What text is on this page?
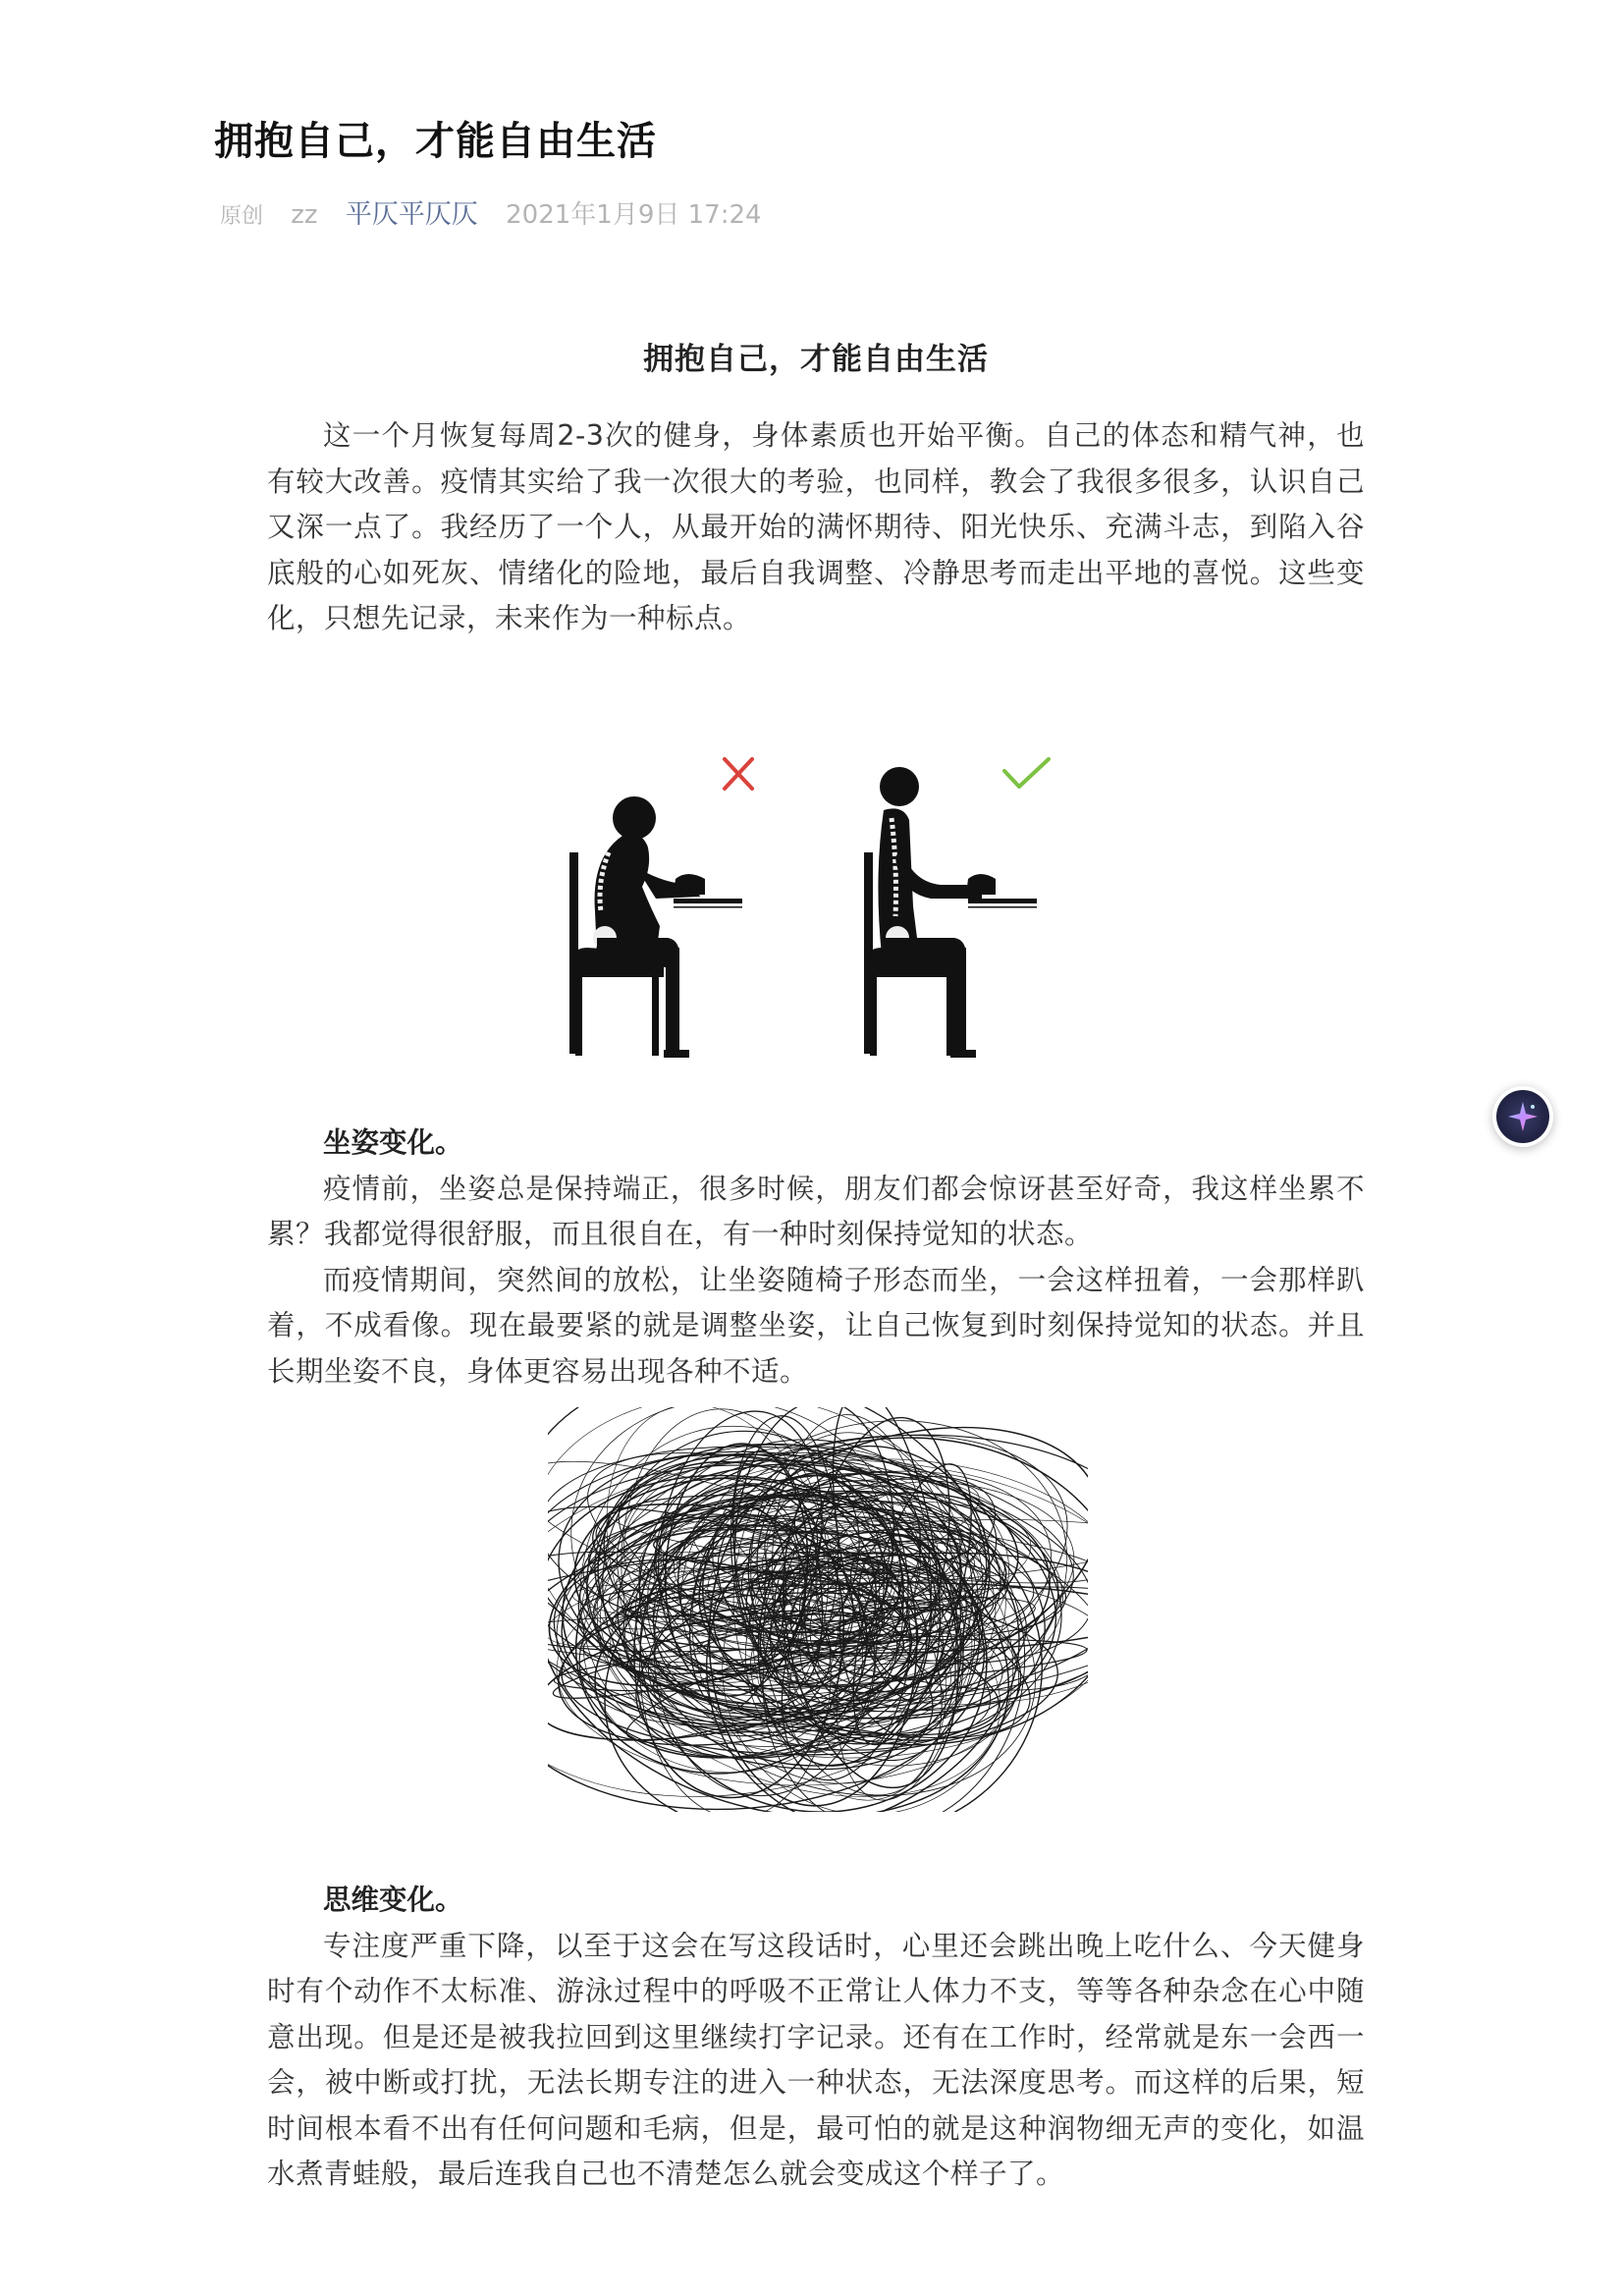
拥抱自己，才能自由生活
原创 zz 平仄平仄仄 2021年1月9日 17:24
拥抱自己，才能自由生活

这一个月恢复每周2-3次的健身，身体素质也开始平衡。自己的体态和精气神，也有较大改善。疫情其实给了我一次很大的考验，也同样，教会了我很多很多，认识自己又深一点了。我经历了一个人，从最开始的满怀期待、阳光快乐、充满斗志，到陷入谷底般的心如死灰、情绪化的险地，最后自我调整、冷静思考而走出平地的喜悦。这些变化，只想先记录，未来作为一种标点。

坐姿变化。

疫情前，坐姿总是保持端正，很多时候，朋友们都会惊讶甚至好奇，我这样坐累不累？我都觉得很舒服，而且很自在，有一种时刻保持觉知的状态。

而疫情期间，突然间的放松，让坐姿随椅子形态而坐，一会这样扭着，一会那样趴着，不成看像。现在最要紧的就是调整坐姿，让自己恢复到时刻保持觉知的状态。并且长期坐姿不良，身体更容易出现各种不适。

思维变化。

专注度严重下降，以至于这会在写这段话时，心里还会跳出晚上吃什么、今天健身时有个动作不太标准、游泳过程中的呼吸不正常让人体力不支，等等各种杂念在心中随意出现。但是还是被我拉回到这里继续打字记录。还有在工作时，经常就是东一会西一会，被中断或打扰，无法长期专注的进入一种状态，无法深度思考。而这样的后果，短时间根本看不出有任何问题和毛病，但是，最可怕的就是这种润物细无声的变化，如温水煮青蛙般，最后连我自己也不清楚怎么就会变成这个样子了。
